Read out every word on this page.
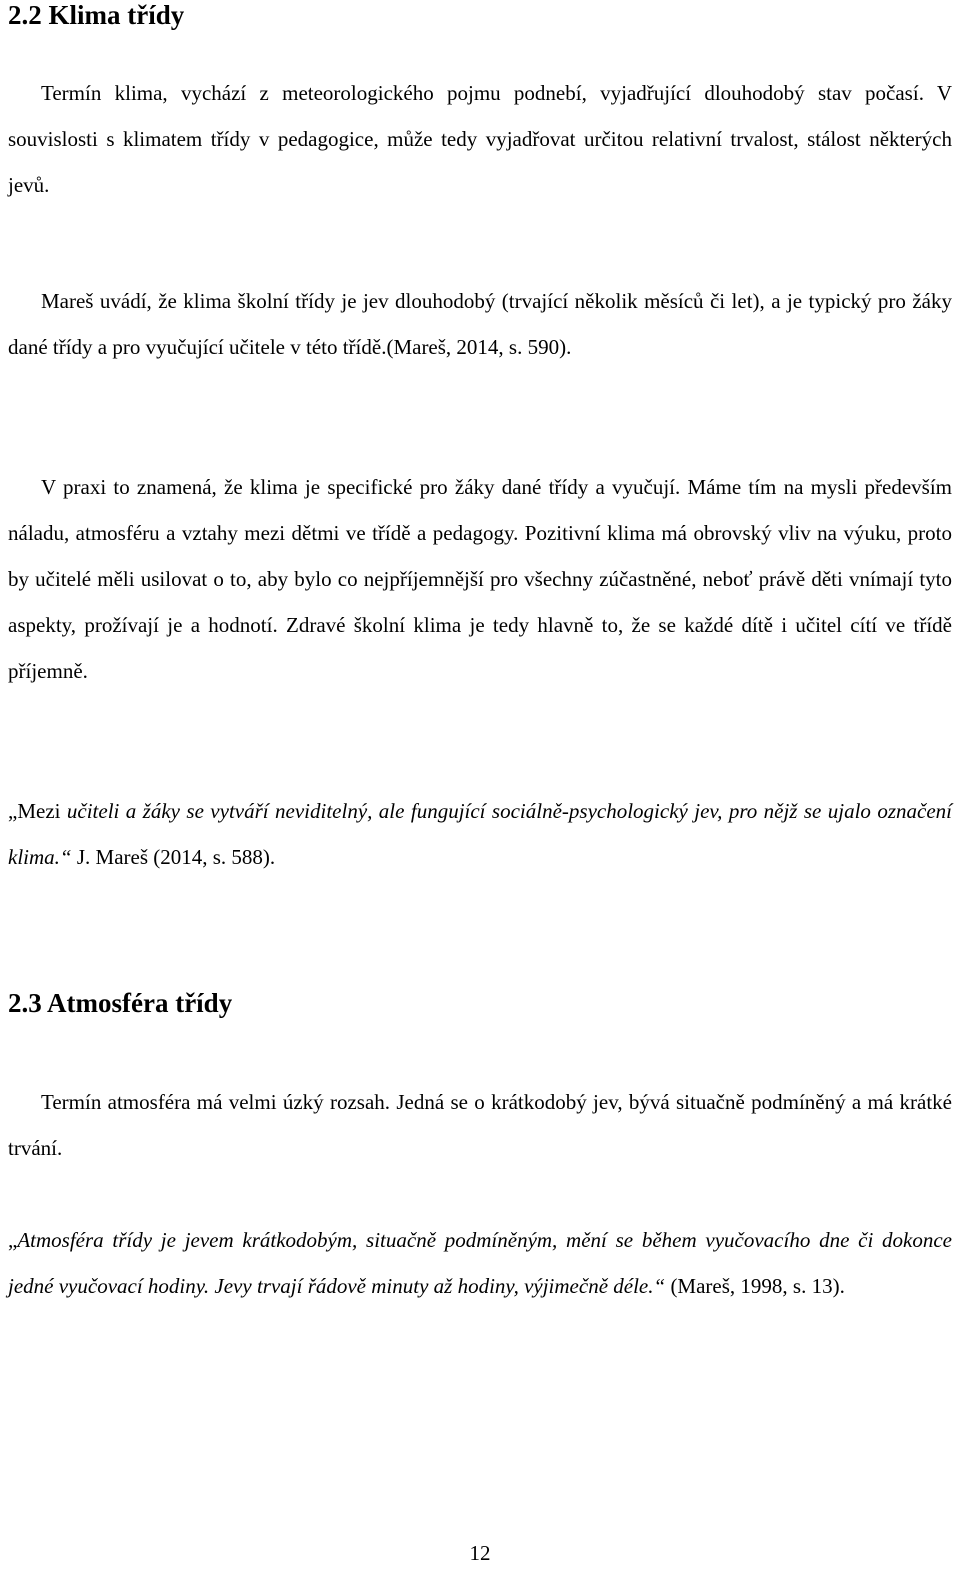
2.2 Klima třídy

Termín klima, vychází z meteorologického pojmu podnebí, vyjadřující dlouhodobý stav počasí. V souvislosti s klimatem třídy v pedagogice, může tedy vyjadřovat určitou relativní trvalost, stálost některých jevů.

Mareš uvádí, že klima školní třídy je jev dlouhodobý (trvající několik měsíců či let), a je typický pro žáky dané třídy a pro vyučující učitele v této třídě.(Mareš, 2014, s. 590).

V praxi to znamená, že klima je specifické pro žáky dané třídy a vyučují. Máme tím na mysli především náladu, atmosféru a vztahy mezi dětmi ve třídě a pedagogy. Pozitivní klima má obrovský vliv na výuku, proto by učitelé měli usilovat o to, aby bylo co nejpříjemnější pro všechny zúčastněné, neboť právě děti vnímají tyto aspekty, prožívají je a hodnotí. Zdravé školní klima je tedy hlavně to, že se každé dítě i učitel cítí ve třídě příjemně.

„Mezi učiteli a žáky se vytváří neviditelný, ale fungující sociálně-psychologický jev, pro nějž se ujalo označení klima.“ J. Mareš (2014, s. 588).

2.3 Atmosféra třídy

Termín atmosféra má velmi úzký rozsah. Jedná se o krátkodobý jev, bývá situačně podmíněný a má krátké trvání.

„Atmosféra třídy je jevem krátkodobým, situačně podmíněným, mění se během vyučovacího dne či dokonce jedné vyučovací hodiny. Jevy trvají řádově minuty až hodiny, výjimečně déle.“ (Mareš, 1998, s. 13).

12
